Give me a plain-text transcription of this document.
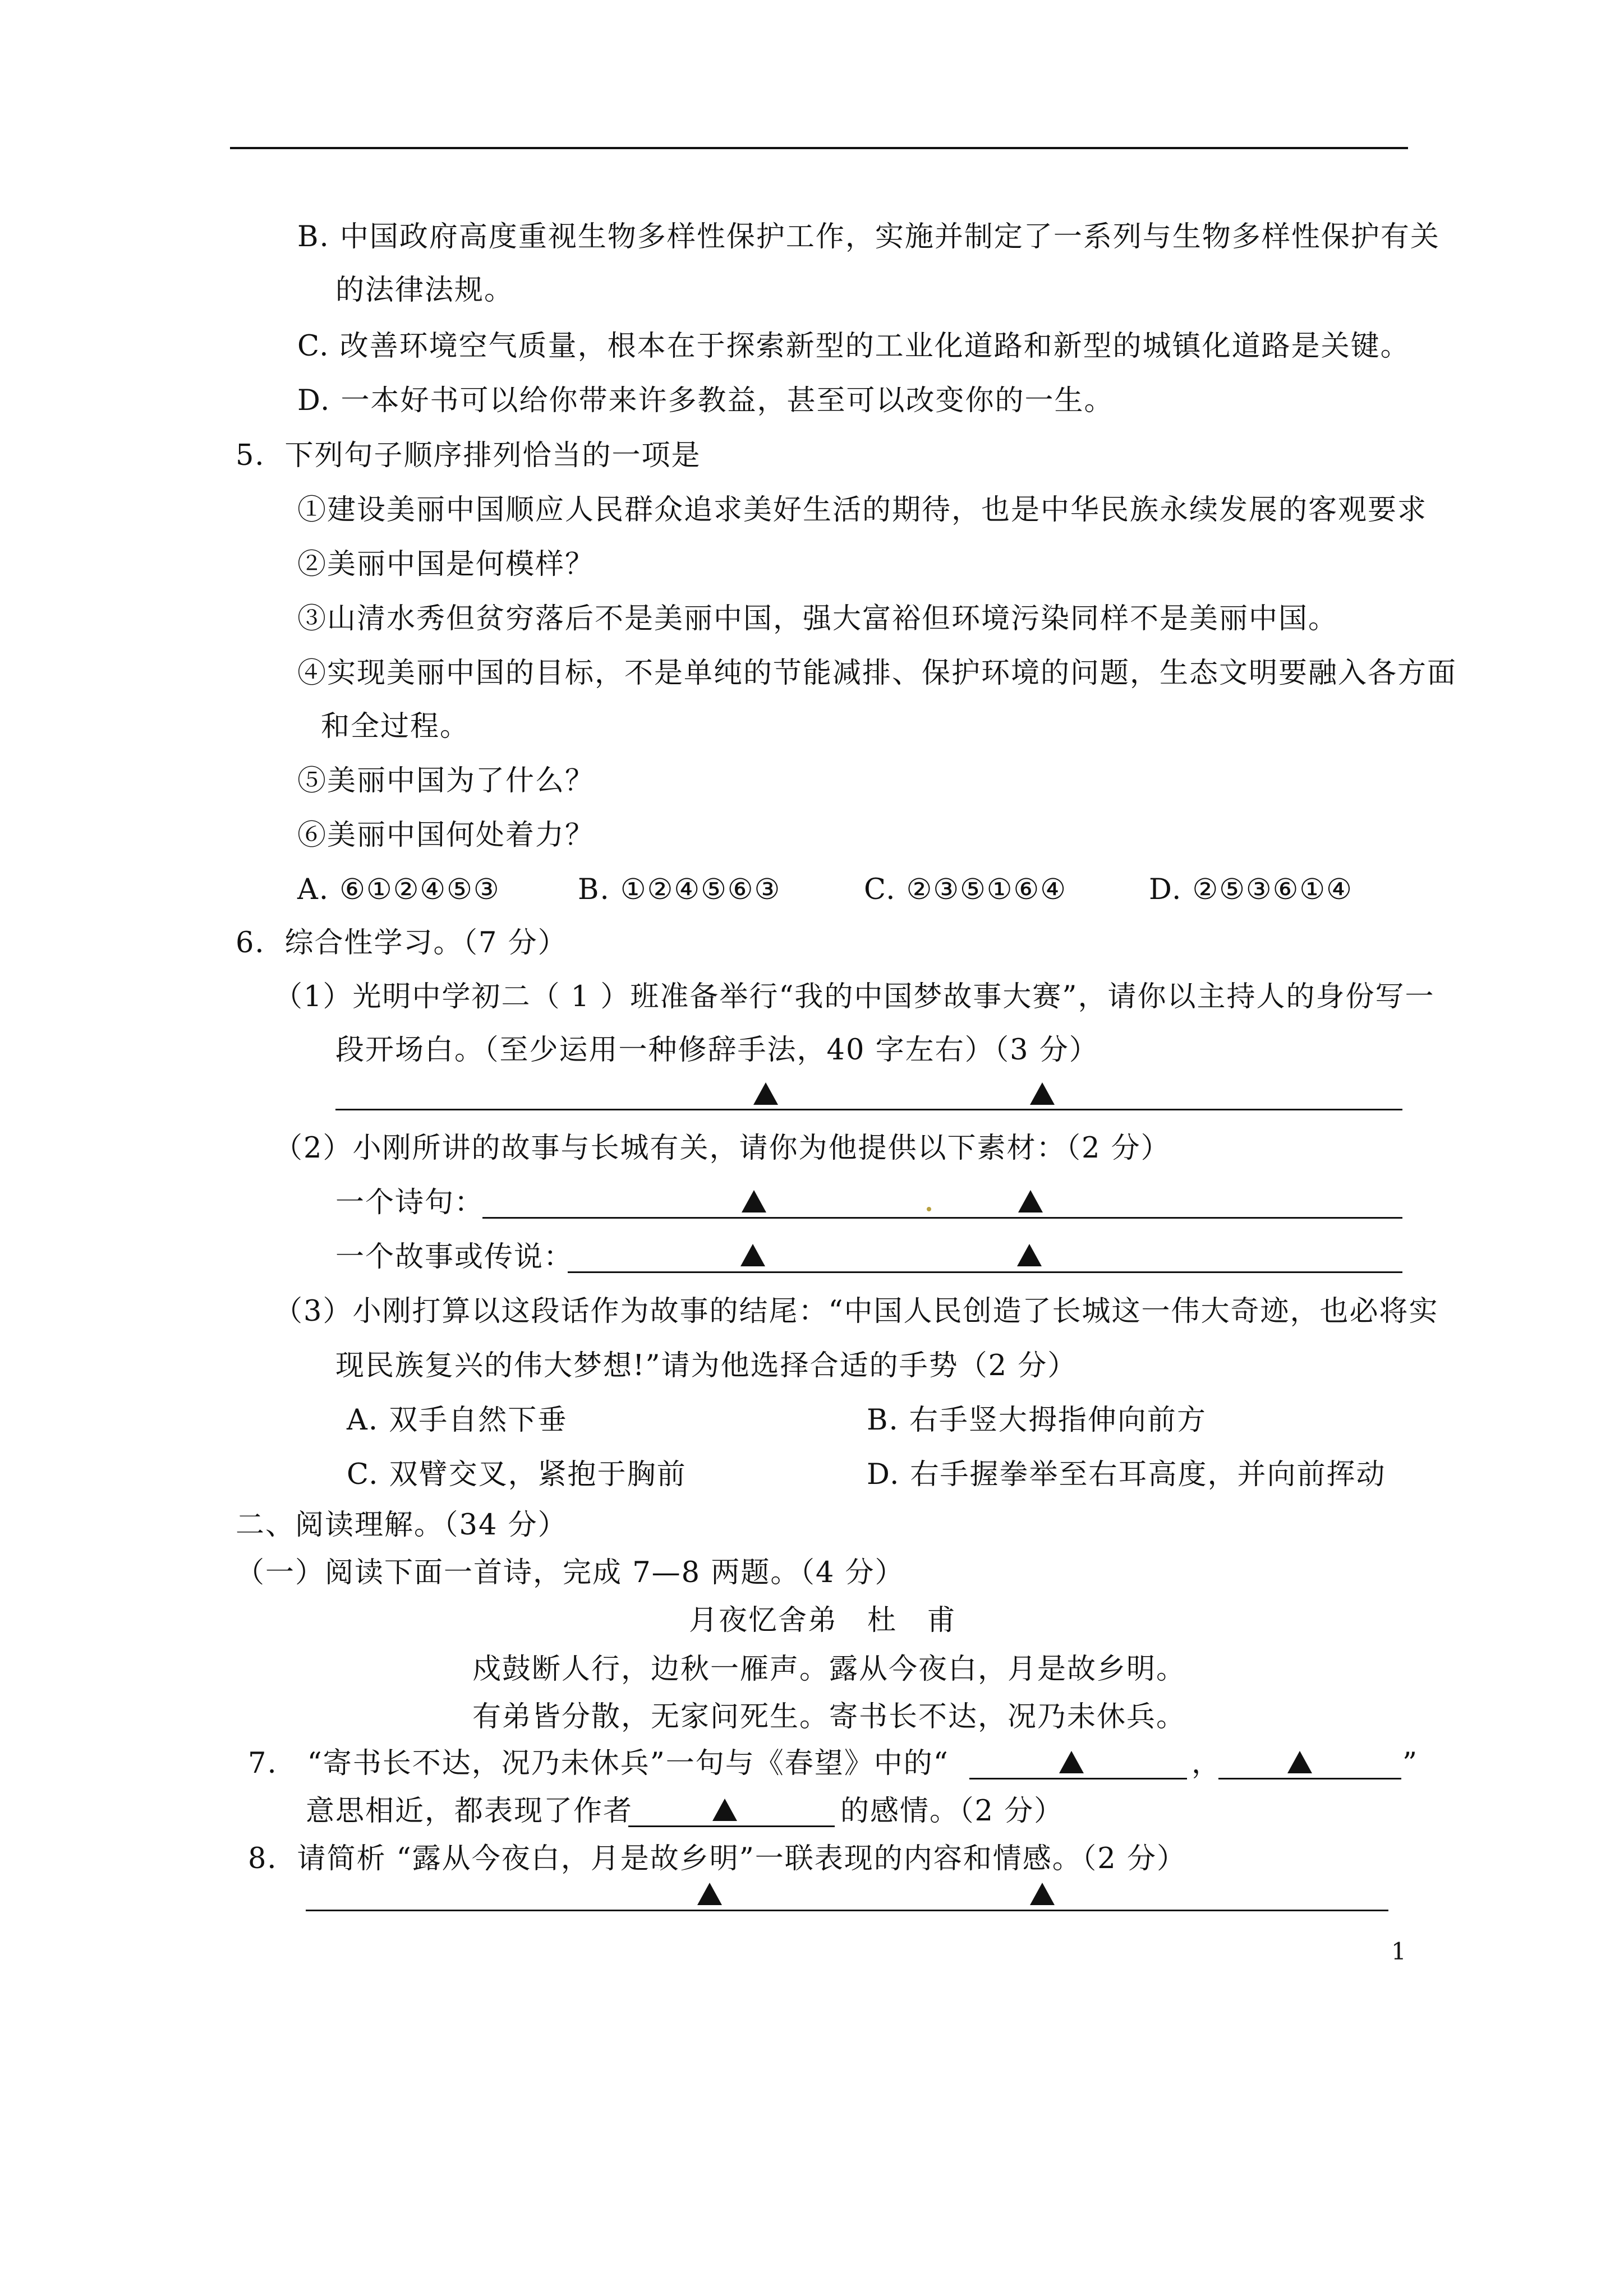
B. 中国政府高度重视生物多样性保护工作，实施并制定了一系列与生物多样性保护有关
的法律法规。
C. 改善环境空气质量，根本在于探索新型的工业化道路和新型的城镇化道路是关键。
D. 一本好书可以给你带来许多教益，甚至可以改变你的一生。
5．下列句子顺序排列恰当的一项是
①建设美丽中国顺应人民群众追求美好生活的期待，也是中华民族永续发展的客观要求
②美丽中国是何模样？
③山清水秀但贫穷落后不是美丽中国，强大富裕但环境污染同样不是美丽中国。
④实现美丽中国的目标，不是单纯的节能减排、保护环境的问题，生态文明要融入各方面
和全过程。
⑤美丽中国为了什么？
⑥美丽中国何处着力？
A. ⑥①②④⑤③	B. ①②④⑤⑥③	C. ②③⑤①⑥④	D. ②⑤③⑥①④
6．综合性学习。（7 分）
（1）光明中学初二（ 1 ）班准备举行“我的中国梦故事大赛”，请你以主持人的身份写一
段开场白。（至少运用一种修辞手法，40 字左右）（3 分）
（2）小刚所讲的故事与长城有关，请你为他提供以下素材：（2 分）
一个诗句：
一个故事或传说：
（3）小刚打算以这段话作为故事的结尾：“中国人民创造了长城这一伟大奇迹，也必将实
现民族复兴的伟大梦想!”请为他选择合适的手势（2 分）
A. 双手自然下垂	B. 右手竖大拇指伸向前方
C. 双臂交叉，紧抱于胸前	D. 右手握拳举至右耳高度，并向前挥动
二、阅读理解。（34 分）
（一）阅读下面一首诗，完成 7—8 两题。（4 分）
月夜忆舍弟　杜　甫
戍鼓断人行，边秋一雁声。露从今夜白，月是故乡明。
有弟皆分散，无家问死生。寄书长不达，况乃未休兵。
7.　“寄书长不达，况乃未休兵”一句与《春望》中的“	，	”
意思相近，都表现了作者	的感情。（2 分）
8．请简析 “露从今夜白，月是故乡明”一联表现的内容和情感。（2 分）
1
